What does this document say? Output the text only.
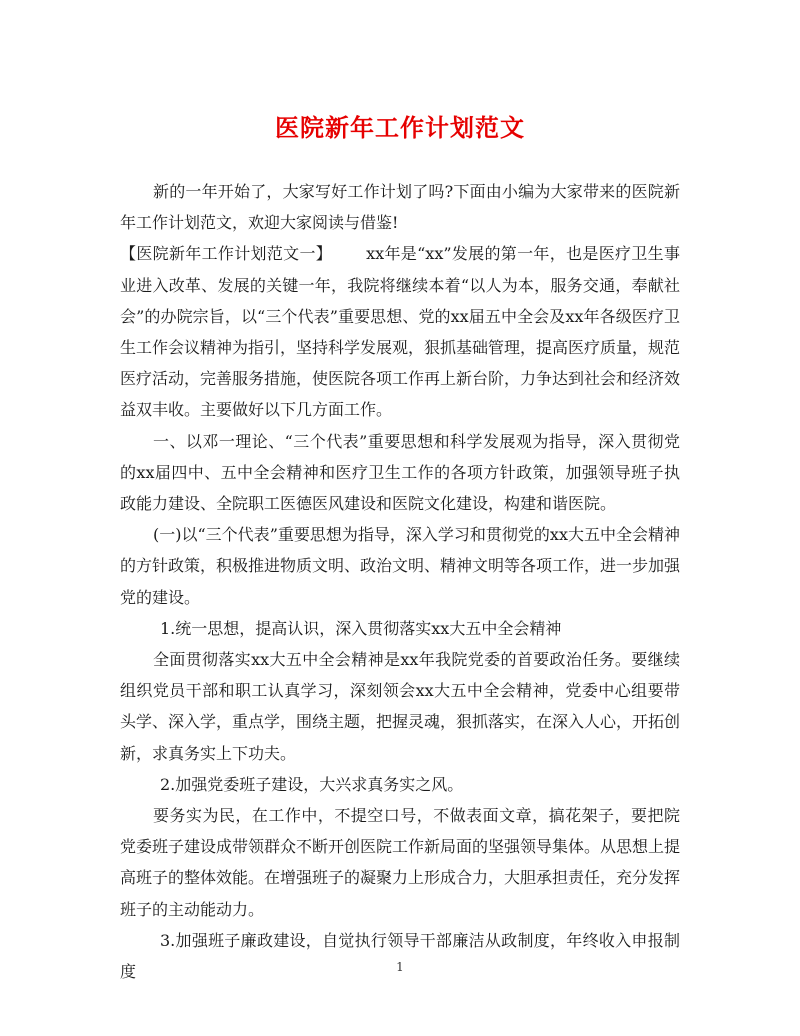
医院新年工作计划范文

新的一年开始了，大家写好工作计划了吗?下面由小编为大家带来的医院新年工作计划范文，欢迎大家阅读与借鉴!

【医院新年工作计划范文一】 xx年是“xx”发展的第一年，也是医疗卫生事业进入改革、发展的关键一年，我院将继续本着“以人为本，服务交通，奉献社会”的办院宗旨，以“三个代表”重要思想、党的xx届五中全会及xx年各级医疗卫生工作会议精神为指引，坚持科学发展观，狠抓基础管理，提高医疗质量，规范医疗活动，完善服务措施，使医院各项工作再上新台阶，力争达到社会和经济效益双丰收。主要做好以下几方面工作。

一、以邓一理论、“三个代表”重要思想和科学发展观为指导，深入贯彻党的xx届四中、五中全会精神和医疗卫生工作的各项方针政策，加强领导班子执政能力建设、全院职工医德医风建设和医院文化建设，构建和谐医院。

(一)以“三个代表”重要思想为指导，深入学习和贯彻党的xx大五中全会精神的方针政策，积极推进物质文明、政治文明、精神文明等各项工作，进一步加强党的建设。

1.统一思想，提高认识，深入贯彻落实xx大五中全会精神

全面贯彻落实xx大五中全会精神是xx年我院党委的首要政治任务。要继续组织党员干部和职工认真学习，深刻领会xx大五中全会精神，党委中心组要带头学、深入学，重点学，围绕主题，把握灵魂，狠抓落实，在深入人心，开拓创新，求真务实上下功夫。

2.加强党委班子建设，大兴求真务实之风。

要务实为民，在工作中，不提空口号，不做表面文章，搞花架子，要把院党委班子建设成带领群众不断开创医院工作新局面的坚强领导集体。从思想上提高班子的整体效能。在增强班子的凝聚力上形成合力，大胆承担责任，充分发挥班子的主动能动力。

3.加强班子廉政建设，自觉执行领导干部廉洁从政制度，年终收入申报制度	1
